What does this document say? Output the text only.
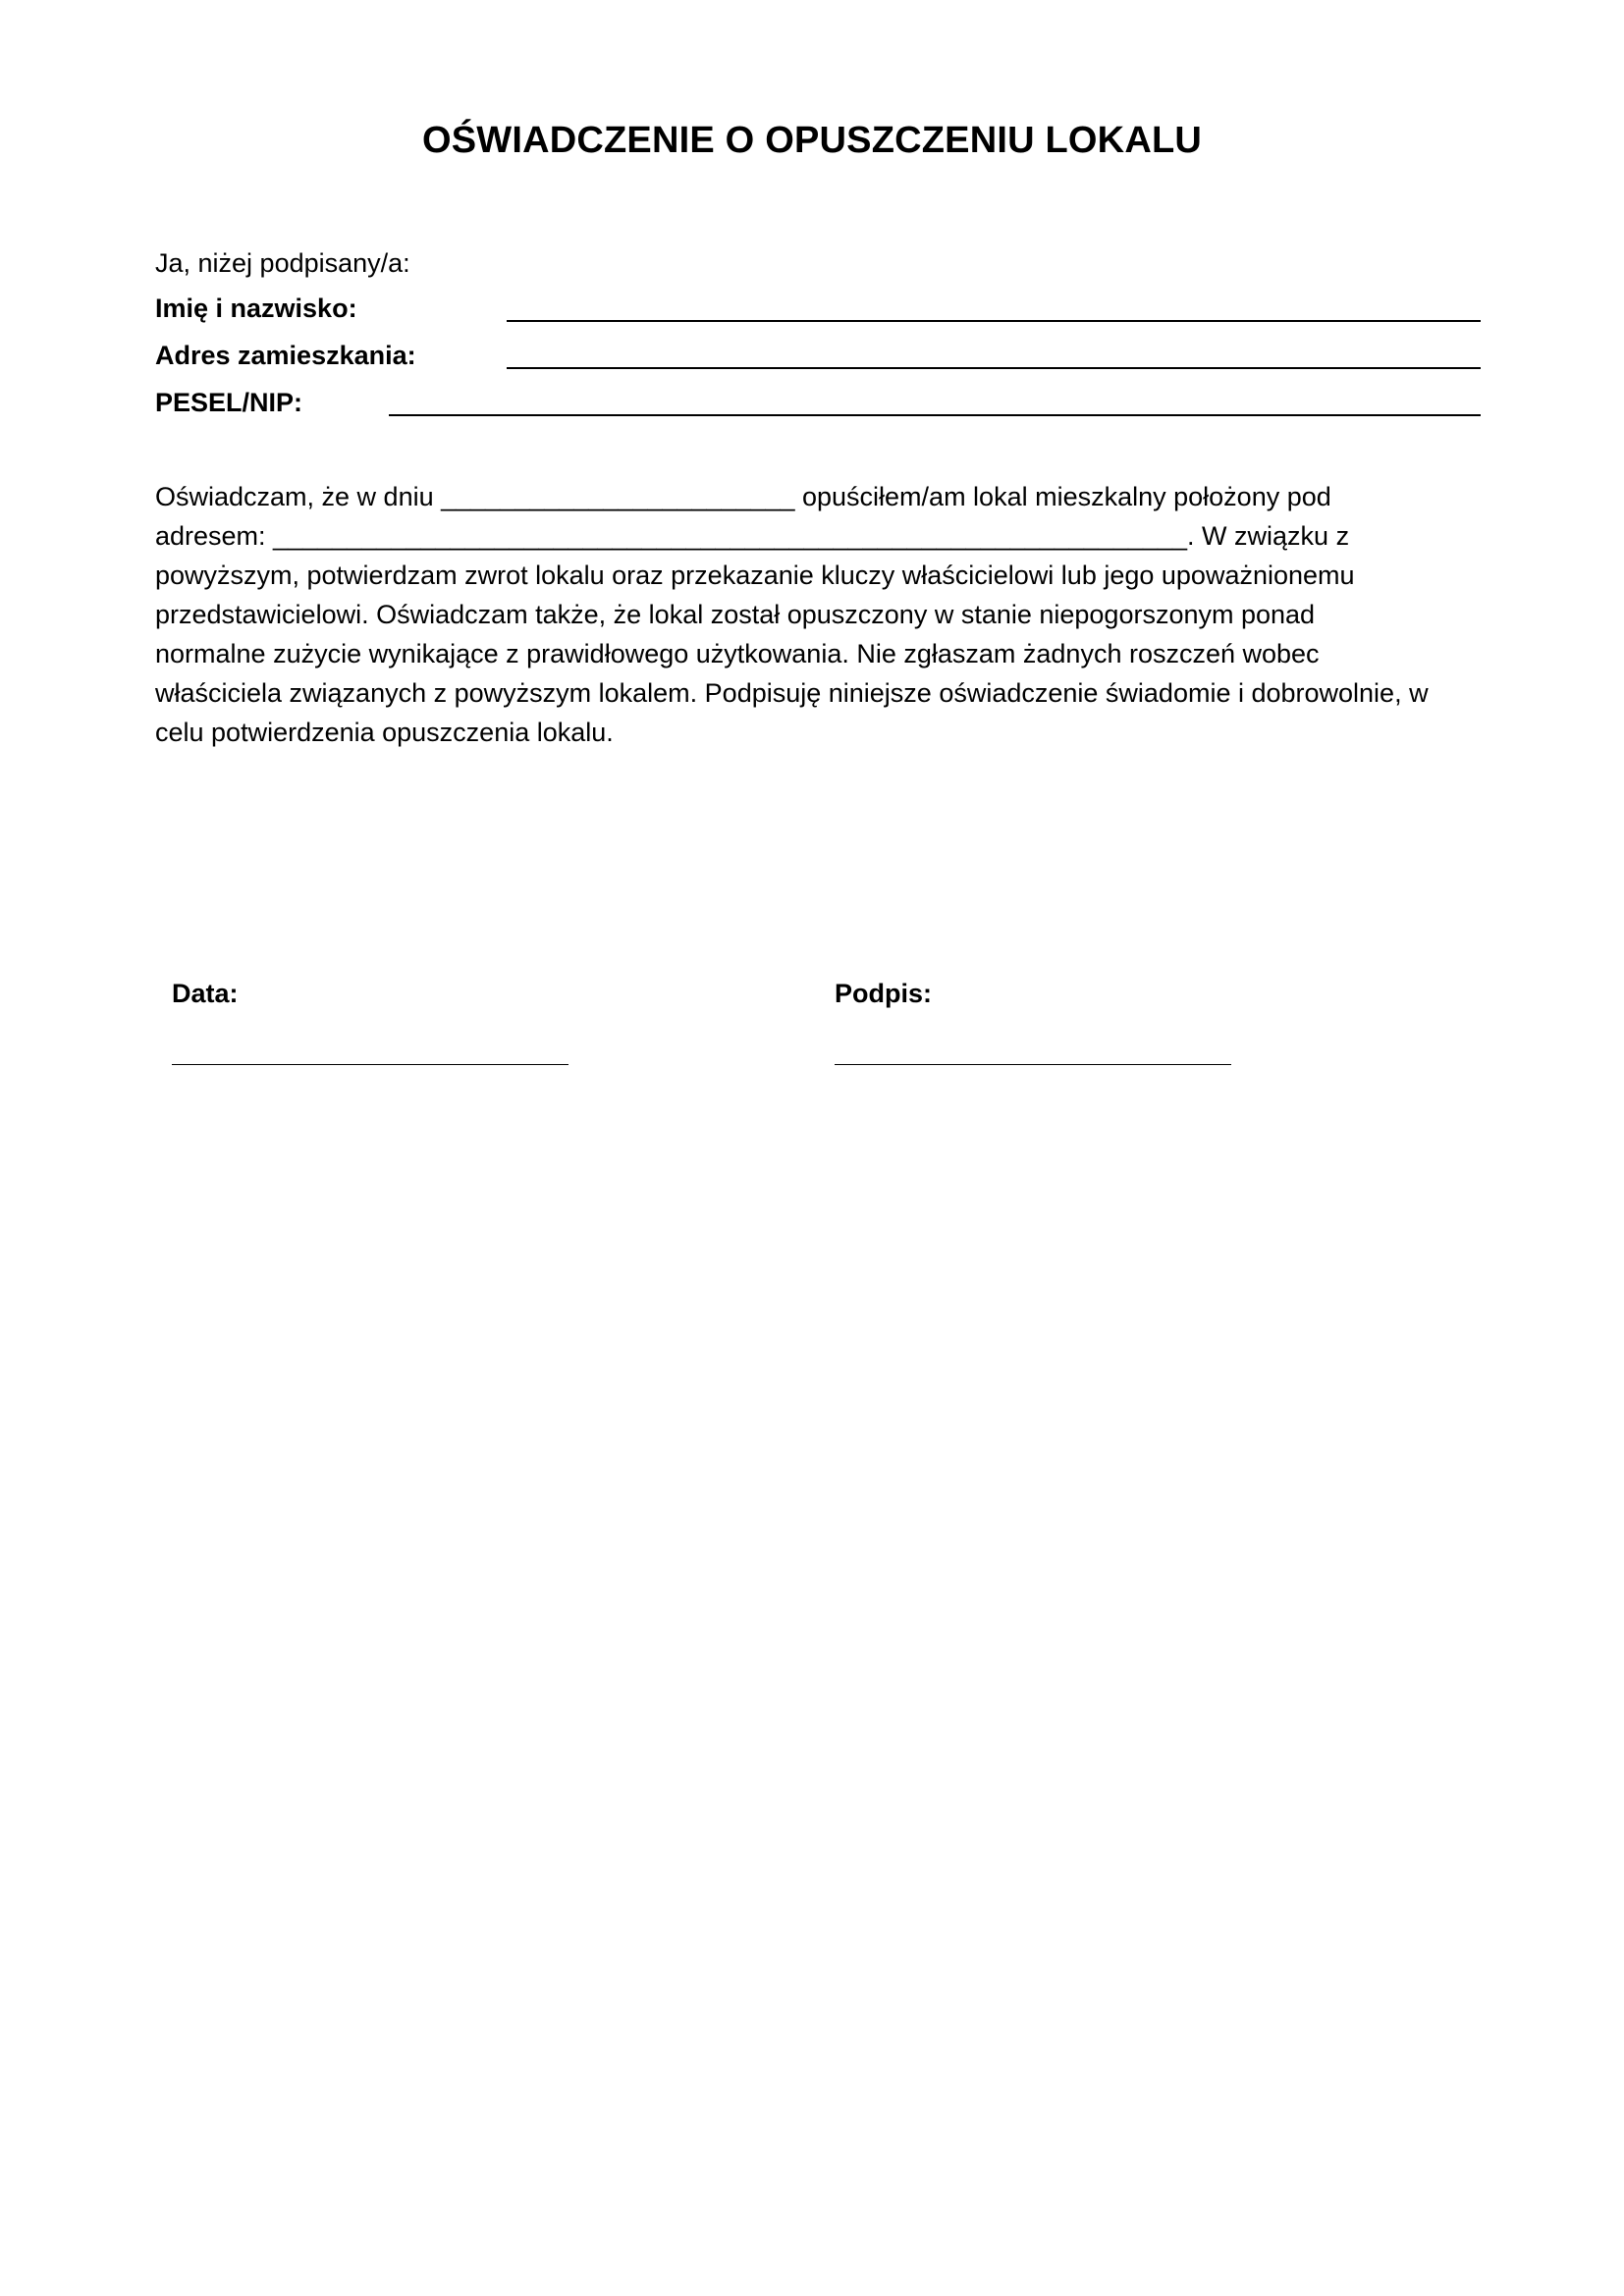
OŚWIADCZENIE O OPUSZCZENIU LOKALU
Ja, niżej podpisany/a:
Imię i nazwisko:
Adres zamieszkania:
PESEL/NIP:
Oświadczam, że w dniu ________________________ opuściłem/am lokal mieszkalny położony pod
adresem: ______________________________________________________________. W związku z
powyższym, potwierdzam zwrot lokalu oraz przekazanie kluczy właścicielowi lub jego upoważnionemu
przedstawicielowi. Oświadczam także, że lokal został opuszczony w stanie niepogorszonym ponad
normalne zużycie wynikające z prawidłowego użytkowania. Nie zgłaszam żadnych roszczeń wobec
właściciela związanych z powyższym lokalem. Podpisuję niniejsze oświadczenie świadomie i dobrowolnie, w
celu potwierdzenia opuszczenia lokalu.
Data:	Podpis:
